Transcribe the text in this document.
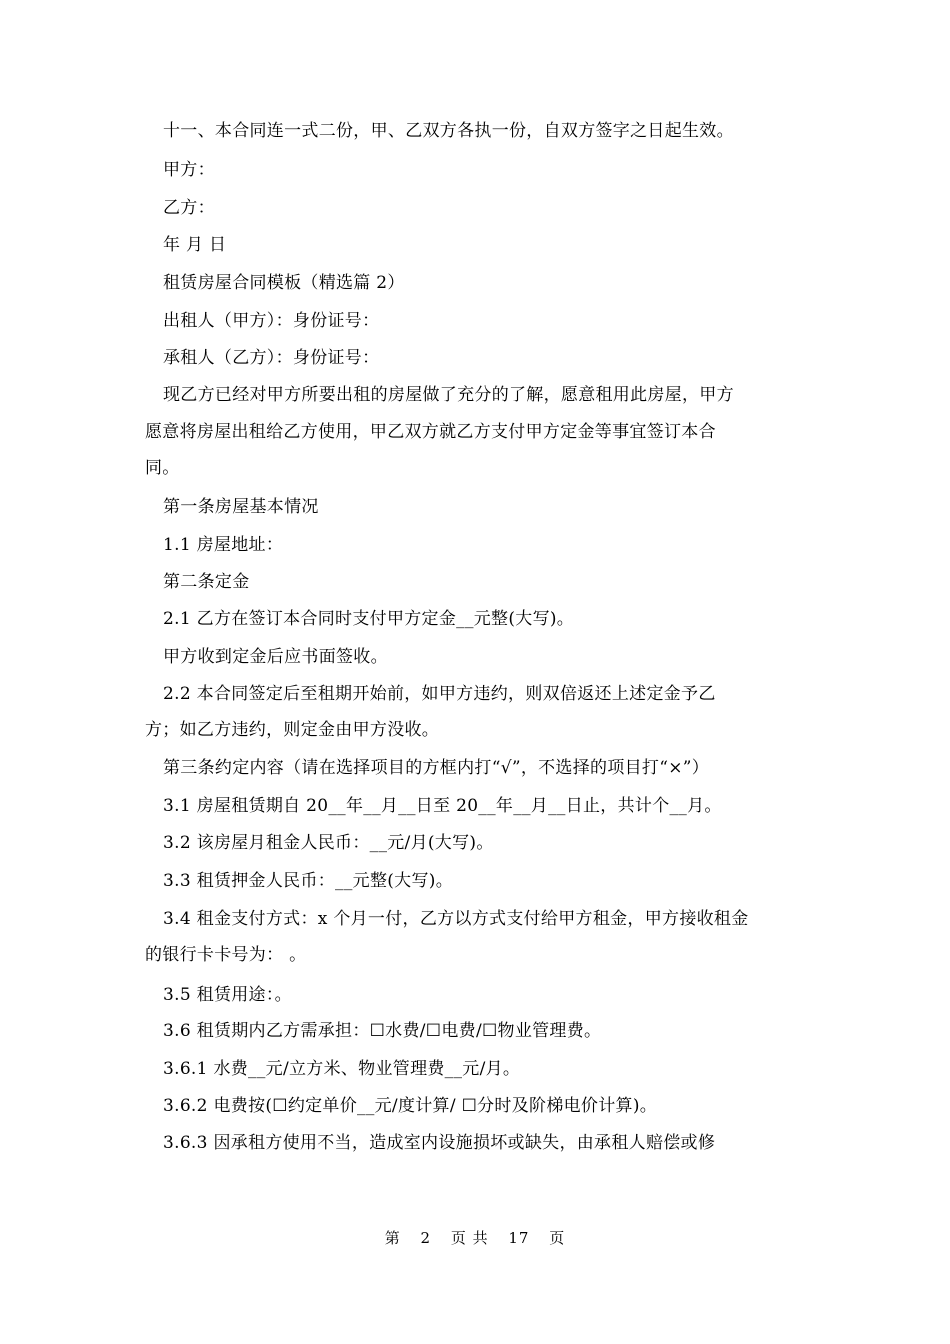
十一、本合同连一式二份，甲、乙双方各执一份，自双方签字之日起生效。

甲方：

乙方：

年 月 日

租赁房屋合同模板（精选篇 2）

出租人（甲方）：身份证号：

承租人（乙方）：身份证号：

现乙方已经对甲方所要出租的房屋做了充分的了解，愿意租用此房屋，甲方

愿意将房屋出租给乙方使用，甲乙双方就乙方支付甲方定金等事宜签订本合

同。

第一条房屋基本情况

1.1 房屋地址：

第二条定金

2.1 乙方在签订本合同时支付甲方定金__元整(大写)。

甲方收到定金后应书面签收。

2.2 本合同签定后至租期开始前，如甲方违约，则双倍返还上述定金予乙

方；如乙方违约，则定金由甲方没收。

第三条约定内容（请在选择项目的方框内打“√”，不选择的项目打“×”）

3.1 房屋租赁期自 20__年__月__日至 20__年__月__日止，共计个__月。

3.2 该房屋月租金人民币：__元/月(大写)。

3.3 租赁押金人民币：__元整(大写)。

3.4 租金支付方式：x 个月一付，乙方以方式支付给甲方租金，甲方接收租金

的银行卡卡号为： 。

3.5 租赁用途：。

3.6 租赁期内乙方需承担：☐水费/☐电费/☐物业管理费。

3.6.1 水费__元/立方米、物业管理费__元/月。

3.6.2 电费按(☐约定单价__元/度计算/ ☐分时及阶梯电价计算)。

3.6.3 因承租方使用不当，造成室内设施损坏或缺失，由承租人赔偿或修

第 2 页 共 17 页
